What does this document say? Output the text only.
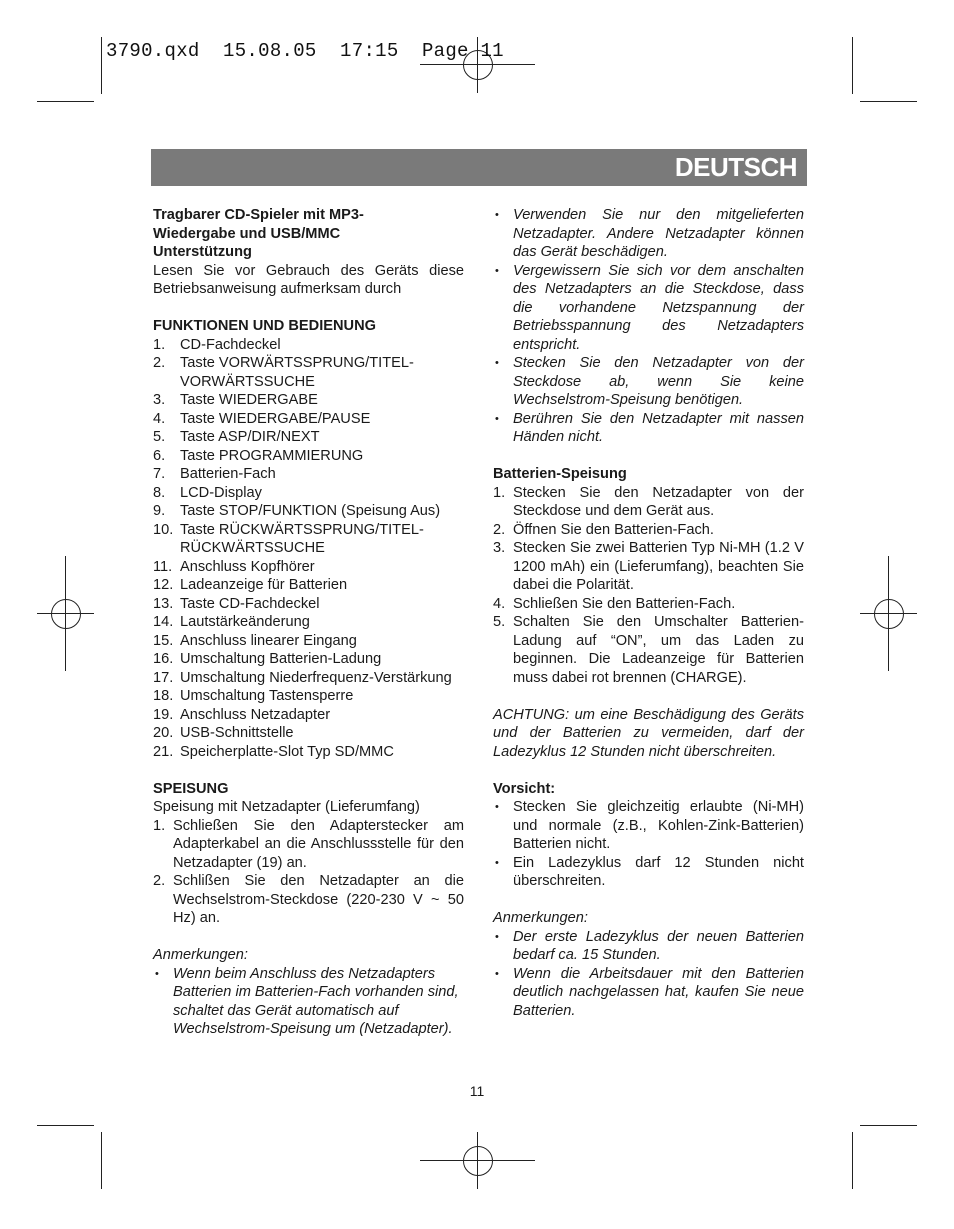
3790.qxd  15.08.05  17:15  Page 11
DEUTSCH
Tragbarer CD-Spieler mit MP3-
Wiedergabe und USB/MMC
Unterstützung

Lesen Sie vor Gebrauch des Geräts diese Betriebsanweisung aufmerksam durch

FUNKTIONEN UND BEDIENUNG

1. CD-Fachdeckel
2. Taste VORWÄRTSSPRUNG/TITEL-VORWÄRTSSUCHE
3. Taste WIEDERGABE
4. Taste WIEDERGABE/PAUSE
5. Taste ASP/DIR/NEXT
6. Taste PROGRAMMIERUNG
7. Batterien-Fach
8. LCD-Display
9. Taste STOP/FUNKTION (Speisung Aus)
10. Taste RÜCKWÄRTSSPRUNG/TITEL-RÜCKWÄRTSSUCHE
11. Anschluss Kopfhörer
12. Ladeanzeige für Batterien
13. Taste CD-Fachdeckel
14. Lautstärkeänderung
15. Anschluss linearer Eingang
16. Umschaltung Batterien-Ladung
17. Umschaltung Niederfrequenz-Verstärkung
18. Umschaltung Tastensperre
19. Anschluss Netzadapter
20. USB-Schnittstelle
21. Speicherplatte-Slot Typ SD/MMC

SPEISUNG

Speisung mit Netzadapter (Lieferumfang)

1. Schließen Sie den Adapterstecker am Adapterkabel an die Anschlussstelle für den Netzadapter (19) an.
2. Schlißen Sie den Netzadapter an die Wechselstrom-Steckdose (220-230 V ~ 50 Hz) an.

Anmerkungen:

• Wenn beim Anschluss des Netzadapters Batterien im Batterien-Fach vorhanden sind, schaltet das Gerät automatisch auf Wechselstrom-Speisung um (Netzadapter).
• Verwenden Sie nur den mitgelieferten Netzadapter. Andere Netzadapter können das Gerät beschädigen.
• Vergewissern Sie sich vor dem anschalten des Netzadapters an die Steckdose, dass die vorhandene Netzspannung der Betriebsspannung des Netzadapters entspricht.
• Stecken Sie den Netzadapter von der Steckdose ab, wenn Sie keine Wechselstrom-Speisung benötigen.
• Berühren Sie den Netzadapter mit nassen Händen nicht.

Batterien-Speisung

1. Stecken Sie den Netzadapter von der Steckdose und dem Gerät aus.
2. Öffnen Sie den Batterien-Fach.
3. Stecken Sie zwei Batterien Typ Ni-MH (1.2 V 1200 mAh) ein (Lieferumfang), beachten Sie dabei die Polarität.
4. Schließen Sie den Batterien-Fach.
5. Schalten Sie den Umschalter Batterien-Ladung auf “ON”, um das Laden zu beginnen. Die Ladeanzeige für Batterien muss dabei rot brennen (CHARGE).

ACHTUNG: um eine Beschädigung des Geräts und der Batterien zu vermeiden, darf der Ladezyklus 12 Stunden nicht überschreiten.

Vorsicht:

• Stecken Sie gleichzeitig erlaubte (Ni-MH) und normale (z.B., Kohlen-Zink-Batterien) Batterien nicht.
• Ein Ladezyklus darf 12 Stunden nicht überschreiten.

Anmerkungen:

• Der erste Ladezyklus der neuen Batterien bedarf ca. 15 Stunden.
• Wenn die Arbeitsdauer mit den Batterien deutlich nachgelassen hat, kaufen Sie neue Batterien.
11
